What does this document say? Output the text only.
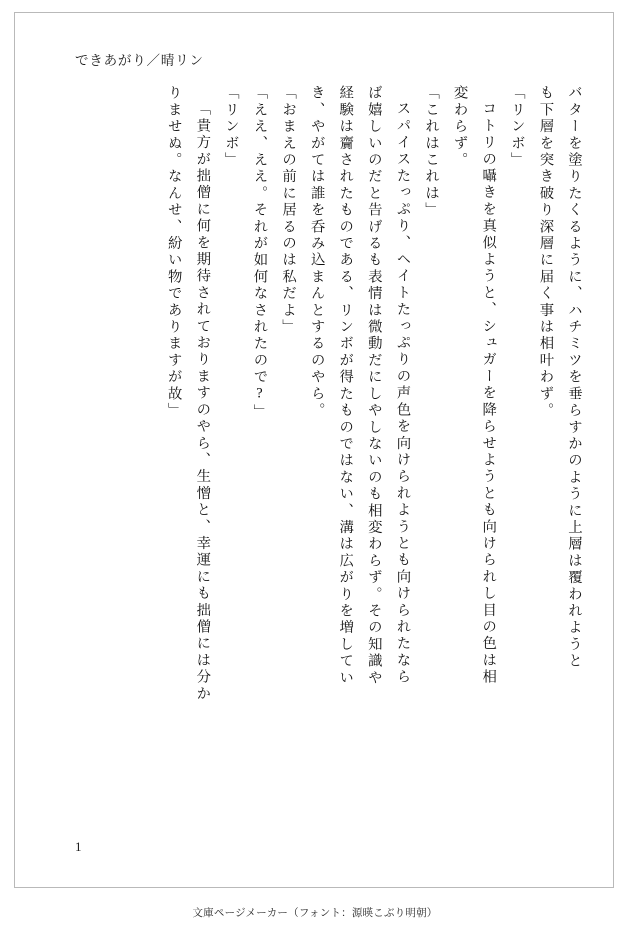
できあがり／晴リン
バターを塗りたくるように、ハチミツを垂らすかのように上層は覆われようと
も下層を突き破り深層に届く事は相叶わず。
「リンボ」
コトリの囁きを真似ようと、シュガーを降らせようとも向けられし目の色は相
変わらず。
「これはこれは」
スパイスたっぷり、ヘイトたっぷりの声色を向けられようとも向けられたなら
ば嬉しいのだと告げるも表情は微動だにしやしないのも相変わらず。その知識や
経験は齎されたものである、リンボが得たものではない、溝は広がりを増してい
き、やがては誰を呑み込まんとするのやら。
「おまえの前に居るのは私だよ」
「ええ、ええ。それが如何なされたので?」
「リンボ」
「貴方が拙僧に何を期待されておりますのやら、生憎と、幸運にも拙僧には分か
りませぬ。なんせ、紛い物でありますが故」
1
文庫ページメーカー（フォント：源暎こぶり明朝）
